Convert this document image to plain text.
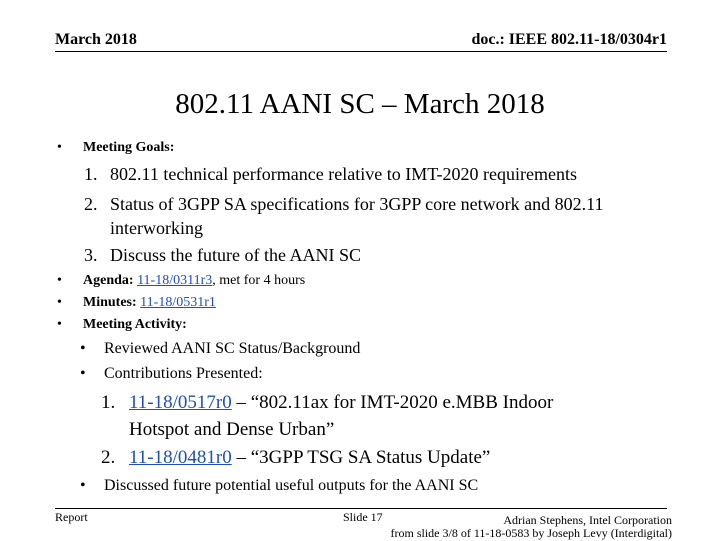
March 2018	doc.: IEEE 802.11-18/0304r1
802.11 AANI SC – March 2018
• Meeting Goals:
1. 802.11 technical performance relative to IMT-2020 requirements
2. Status of 3GPP SA specifications for 3GPP core network and 802.11
interworking
3. Discuss the future of the AANI SC
• Agenda: 11-18/0311r3, met for 4 hours
• Minutes: 11-18/0531r1
• Meeting Activity:
• Reviewed AANI SC Status/Background
• Contributions Presented:
1. 11-18/0517r0 – “802.11ax for IMT-2020 e.MBB Indoor
Hotspot and Dense Urban”
2. 11-18/0481r0 – “3GPP TSG SA Status Update”
• Discussed future potential useful outputs for the AANI SC
Report	Slide 17	Adrian Stephens, Intel Corporation
from slide 3/8 of 11-18-0583 by Joseph Levy (Interdigital)
